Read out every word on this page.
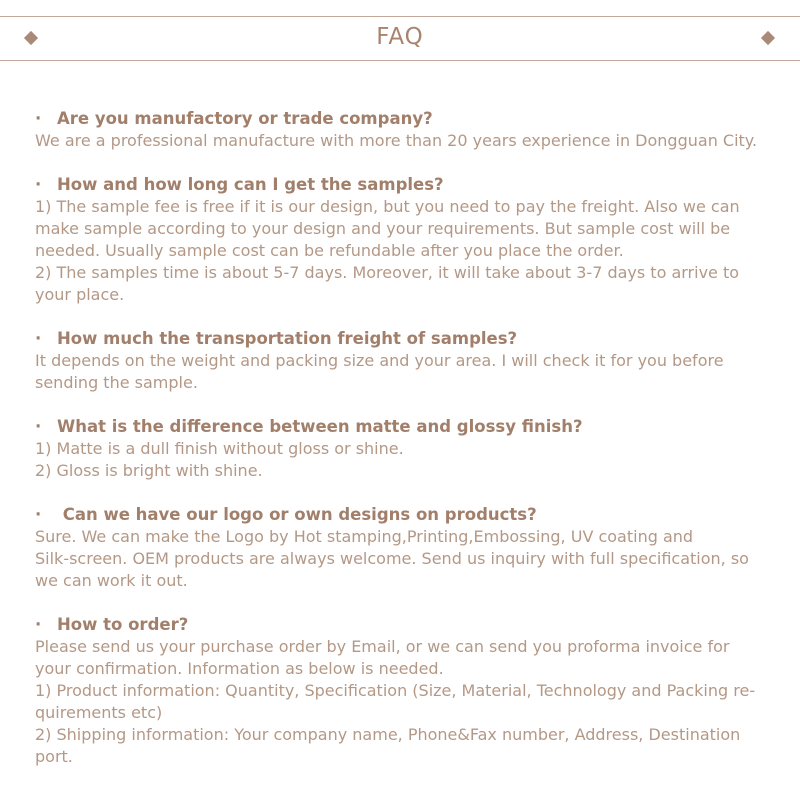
FAQ
· Are you manufactory or trade company?
We are a professional manufacture with more than 20 years experience in Dongguan City.
· How and how long can I get the samples?
1) The sample fee is free if it is our design, but you need to pay the freight. Also we can
make sample according to your design and your requirements. But sample cost will be
needed. Usually sample cost can be refundable after you place the order.
2) The samples time is about 5-7 days. Moreover, it will take about 3-7 days to arrive to
your place.
· How much the transportation freight of samples?
It depends on the weight and packing size and your area. I will check it for you before
sending the sample.
· What is the difference between matte and glossy finish?
1) Matte is a dull finish without gloss or shine.
2) Gloss is bright with shine.
· Can we have our logo or own designs on products?
Sure. We can make the Logo by Hot stamping,Printing,Embossing, UV coating and
Silk-screen. OEM products are always welcome. Send us inquiry with full specification, so
we can work it out.
· How to order?
Please send us your purchase order by Email, or we can send you proforma invoice for
your confirmation. Information as below is needed.
1) Product information: Quantity, Specification (Size, Material, Technology and Packing re-
quirements etc)
2) Shipping information: Your company name, Phone&Fax number, Address, Destination
port.
